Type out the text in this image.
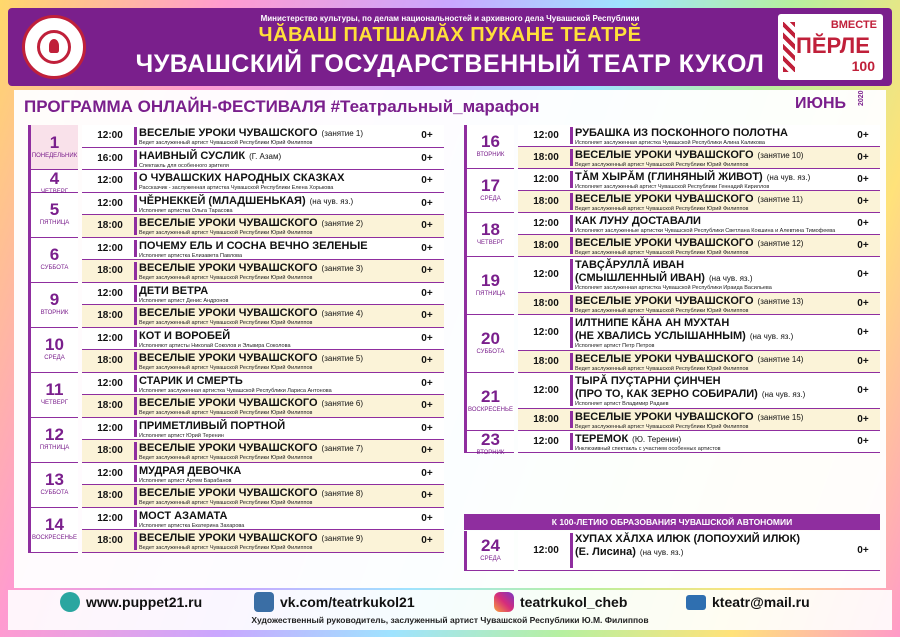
Министерство культуры, по делам национальностей и архивного дела Чувашской Республики
ЧĂВАШ ПАТШАЛĂХ ПУКАНЕ ТЕАТРĔ
ЧУВАШСКИЙ ГОСУДАРСТВЕННЫЙ ТЕАТР КУКОЛ
ВМЕСТЕ
ПĔРЛЕ
100
ПРОГРАММА ОНЛАЙН-ФЕСТИВАЛЯ #Театральный_марафон	ИЮНЬ 2020
1
ПОНЕДЕЛЬНИК
12:00	ВЕСЕЛЫЕ УРОКИ ЧУВАШСКОГО (занятие 1)
Ведет заслуженный артист Чувашской Республики Юрий Филиппов
0+
16:00	НАИВНЫЙ СУСЛИК (Г. Азам)
Спектакль для особенного зрителя
0+
4	12:00	О ЧУВАШСКИХ НАРОДНЫХ СКАЗКАХ
Рассказчик - заслуженная артистка Чувашской Республики Елена Хорькова
0+
5
ПЯТНИЦА
12:00	ЧĔРНЕККЕЙ (МЛАДШЕНЬКАЯ) (на чув. яз.)
Исполняет артистка Ольга Тарасова
0+
18:00	ВЕСЕЛЫЕ УРОКИ ЧУВАШСКОГО (занятие 2)
Ведет заслуженный артист Чувашской Республики Юрий Филиппов
0+
6
СУББОТА
12:00	ПОЧЕМУ ЕЛЬ И СОСНА ВЕЧНО ЗЕЛЕНЫЕ
Исполняет артистка Елизавета Павлова
0+
18:00	ВЕСЕЛЫЕ УРОКИ ЧУВАШСКОГО (занятие 3)
Ведет заслуженный артист Чувашской Республики Юрий Филиппов
0+
9
ВТОРНИК
12:00	ДЕТИ ВЕТРА
Исполняет артист Денис Андронов
0+
18:00	ВЕСЕЛЫЕ УРОКИ ЧУВАШСКОГО (занятие 4)
Ведет заслуженный артист Чувашской Республики Юрий Филиппов
0+
10
СРЕДА
12:00	КОТ И ВОРОБЕЙ
Исполняют артисты Николай Соколов и Эльвира Соколова
0+
18:00	ВЕСЕЛЫЕ УРОКИ ЧУВАШСКОГО (занятие 5)
Ведет заслуженный артист Чувашской Республики Юрий Филиппов
0+
11
ЧЕТВЕРГ
12:00	СТАРИК И СМЕРТЬ
Исполняет заслуженная артистка Чувашской Республики Лариса Антонова
0+
18:00	ВЕСЕЛЫЕ УРОКИ ЧУВАШСКОГО (занятие 6)
Ведет заслуженный артист Чувашской Республики Юрий Филиппов
0+
12
ПЯТНИЦА
12:00	ПРИМЕТЛИВЫЙ ПОРТНОЙ
Исполняет артист Юрий Теренин
0+
18:00	ВЕСЕЛЫЕ УРОКИ ЧУВАШСКОГО (занятие 7)
Ведет заслуженный артист Чувашской Республики Юрий Филиппов
0+
13
СУББОТА
12:00	МУДРАЯ ДЕВОЧКА
Исполняет артист Артем Барабанов
0+
18:00	ВЕСЕЛЫЕ УРОКИ ЧУВАШСКОГО (занятие 8)
Ведет заслуженный артист Чувашской Республики Юрий Филиппов
0+
14
ВОСКРЕСЕНЬЕ
12:00	МОСТ АЗАМАТА
Исполняет артистка Екатерина Захарова
0+
18:00	ВЕСЕЛЫЕ УРОКИ ЧУВАШСКОГО (занятие 9)
Ведет заслуженный артист Чувашской Республики Юрий Филиппов
0+
16
ВТОРНИК
12:00	РУБАШКА ИЗ ПОСКОННОГО ПОЛОТНА
Исполняет заслуженная артистка Чувашской Республики Алина Каликова
0+
18:00	ВЕСЕЛЫЕ УРОКИ ЧУВАШСКОГО (занятие 10)
Ведет заслуженный артист Чувашской Республики Юрий Филиппов
0+
17
СРЕДА
12:00	ТĂМ ХЫРĂМ (ГЛИНЯНЫЙ ЖИВОТ) (на чув. яз.)
Исполняет заслуженный артист Чувашской Республики Геннадий Кириллов
0+
18:00	ВЕСЕЛЫЕ УРОКИ ЧУВАШСКОГО (занятие 11)
Ведет заслуженный артист Чувашской Республики Юрий Филиппов
0+
18
ЧЕТВЕРГ
12:00	КАК ЛУНУ ДОСТАВАЛИ
Исполняют заслуженные артистки Чувашской Республики Светлана Кокшина и Алевтина Тимофеева
0+
18:00	ВЕСЕЛЫЕ УРОКИ ЧУВАШСКОГО (занятие 12)
Ведет заслуженный артист Чувашской Республики Юрий Филиппов
0+
19
ПЯТНИЦА
12:00
ТАВÇĂРУЛЛĂ ИВАН
(СМЫШЛЕННЫЙ ИВАН) (на чув. яз.)
Исполняет заслуженная артистка Чувашской Республики Ираида Васильева
0+
18:00	ВЕСЕЛЫЕ УРОКИ ЧУВАШСКОГО (занятие 13)
Ведет заслуженный артист Чувашской Республики Юрий Филиппов
0+
20
СУББОТА
12:00
ИЛТНИПЕ КĂНА АН МУХТАН
(НЕ ХВАЛИСЬ УСЛЫШАННЫМ) (на чув. яз.)
Исполняет артист Петр Петров
0+
18:00	ВЕСЕЛЫЕ УРОКИ ЧУВАШСКОГО (занятие 14)
Ведет заслуженный артист Чувашской Республики Юрий Филиппов
0+
21
ВОСКРЕСЕНЬЕ
12:00
ТЫРĂ ПУÇТАРНИ ÇИНЧЕН
(ПРО ТО, КАК ЗЕРНО СОБИРАЛИ) (на чув. яз.)
Исполняет артист Владимир Радаев
0+
18:00	ВЕСЕЛЫЕ УРОКИ ЧУВАШСКОГО (занятие 15)
Ведет заслуженный артист Чувашской Республики Юрий Филиппов
0+
23
ВТОРНИК
12:00	ТЕРЕМОК (Ю. Теренин)
Инклюзивный спектакль с участием особенных артистов
0+
К 100-ЛЕТИЮ ОБРАЗОВАНИЯ ЧУВАШСКОЙ АВТОНОМИИ
24
СРЕДА
12:00
ХУПАХ ХĂЛХА ИЛЮК (ЛОПОУХИЙ ИЛЮК)
(Е. Лисина) (на чув. яз.)	0+
www.puppet21.ru	vk.com/teatrkukol21	teatrkukol_cheb	kteatr@mail.ru
Художественный руководитель, заслуженный артист Чувашской Республики Ю.М. Филиппов
